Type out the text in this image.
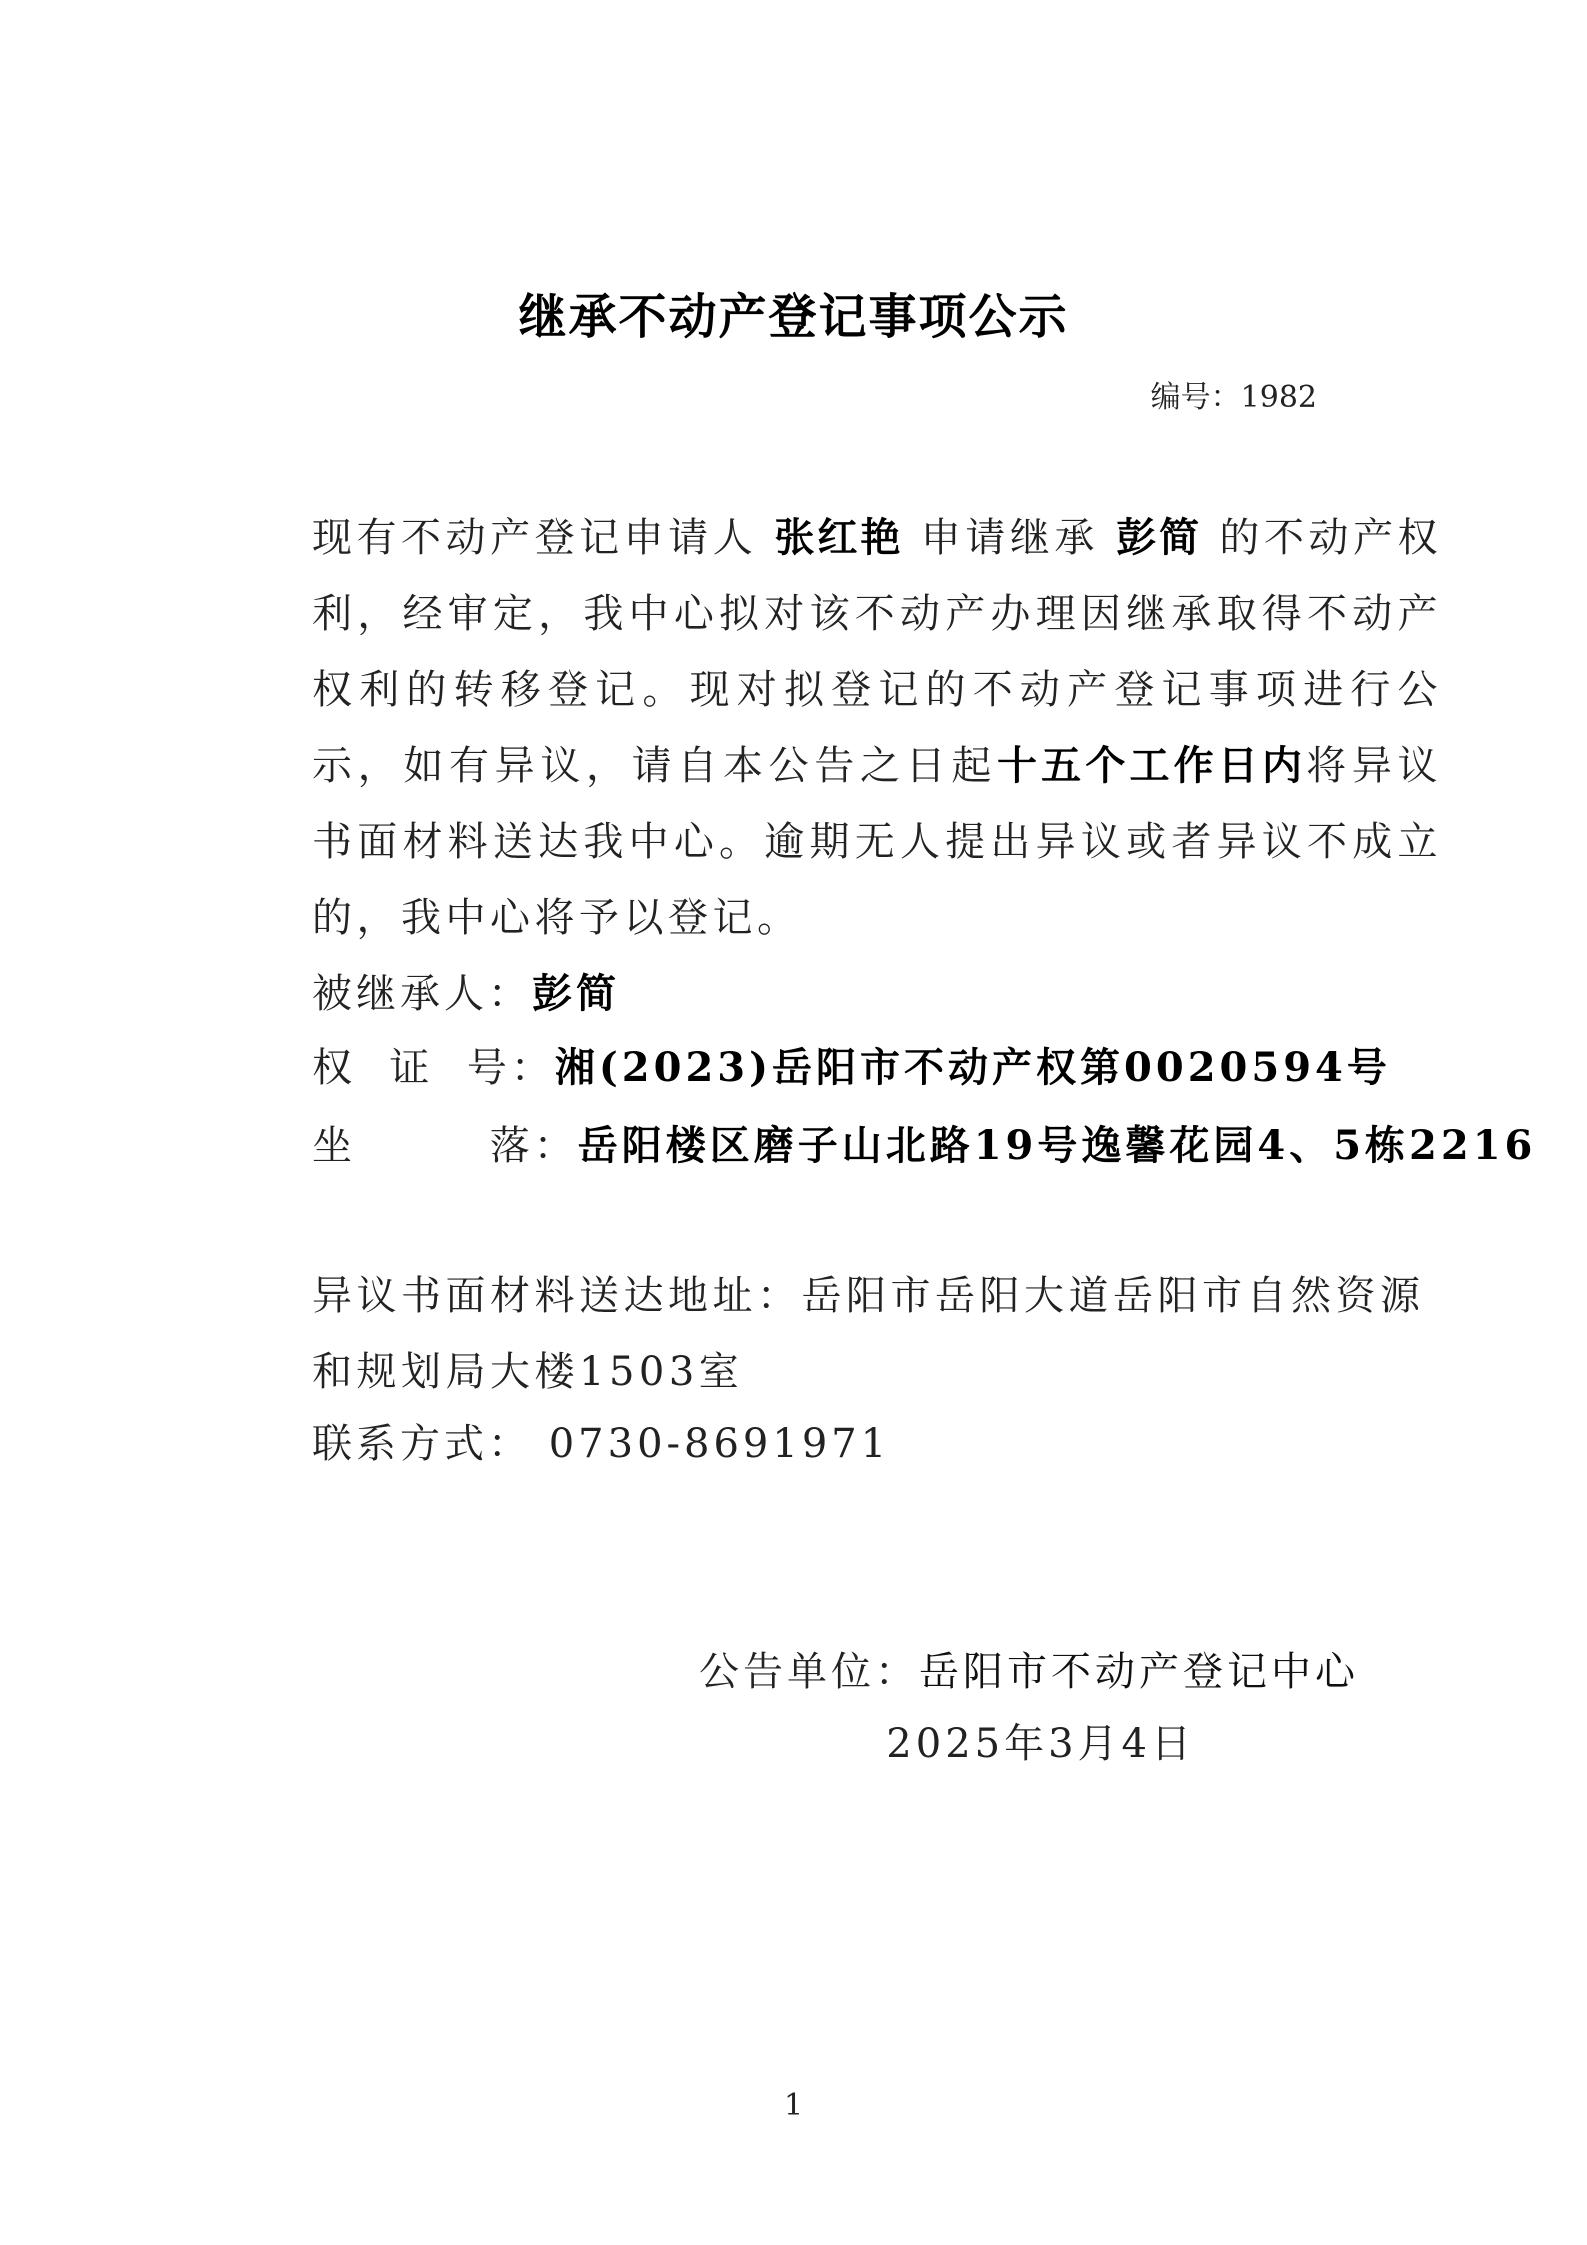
继承不动产登记事项公示
编号：1982
现有不动产登记申请人 张红艳 申请继承 彭简 的不动产权利，经审定，我中心拟对该不动产办理因继承取得不动产权利的转移登记。现对拟登记的不动产登记事项进行公示，如有异议，请自本公告之日起十五个工作日内将异议书面材料送达我中心。逾期无人提出异议或者异议不成立的，我中心将予以登记。
被继承人：彭简
权  证  号：湘(2023)岳阳市不动产权第0020594号
坐        落：岳阳楼区磨子山北路19号逸馨花园4、5栋2216
异议书面材料送达地址：岳阳市岳阳大道岳阳市自然资源和规划局大楼1503室
联系方式： 0730-8691971
公告单位：岳阳市不动产登记中心
2025年3月4日
1
